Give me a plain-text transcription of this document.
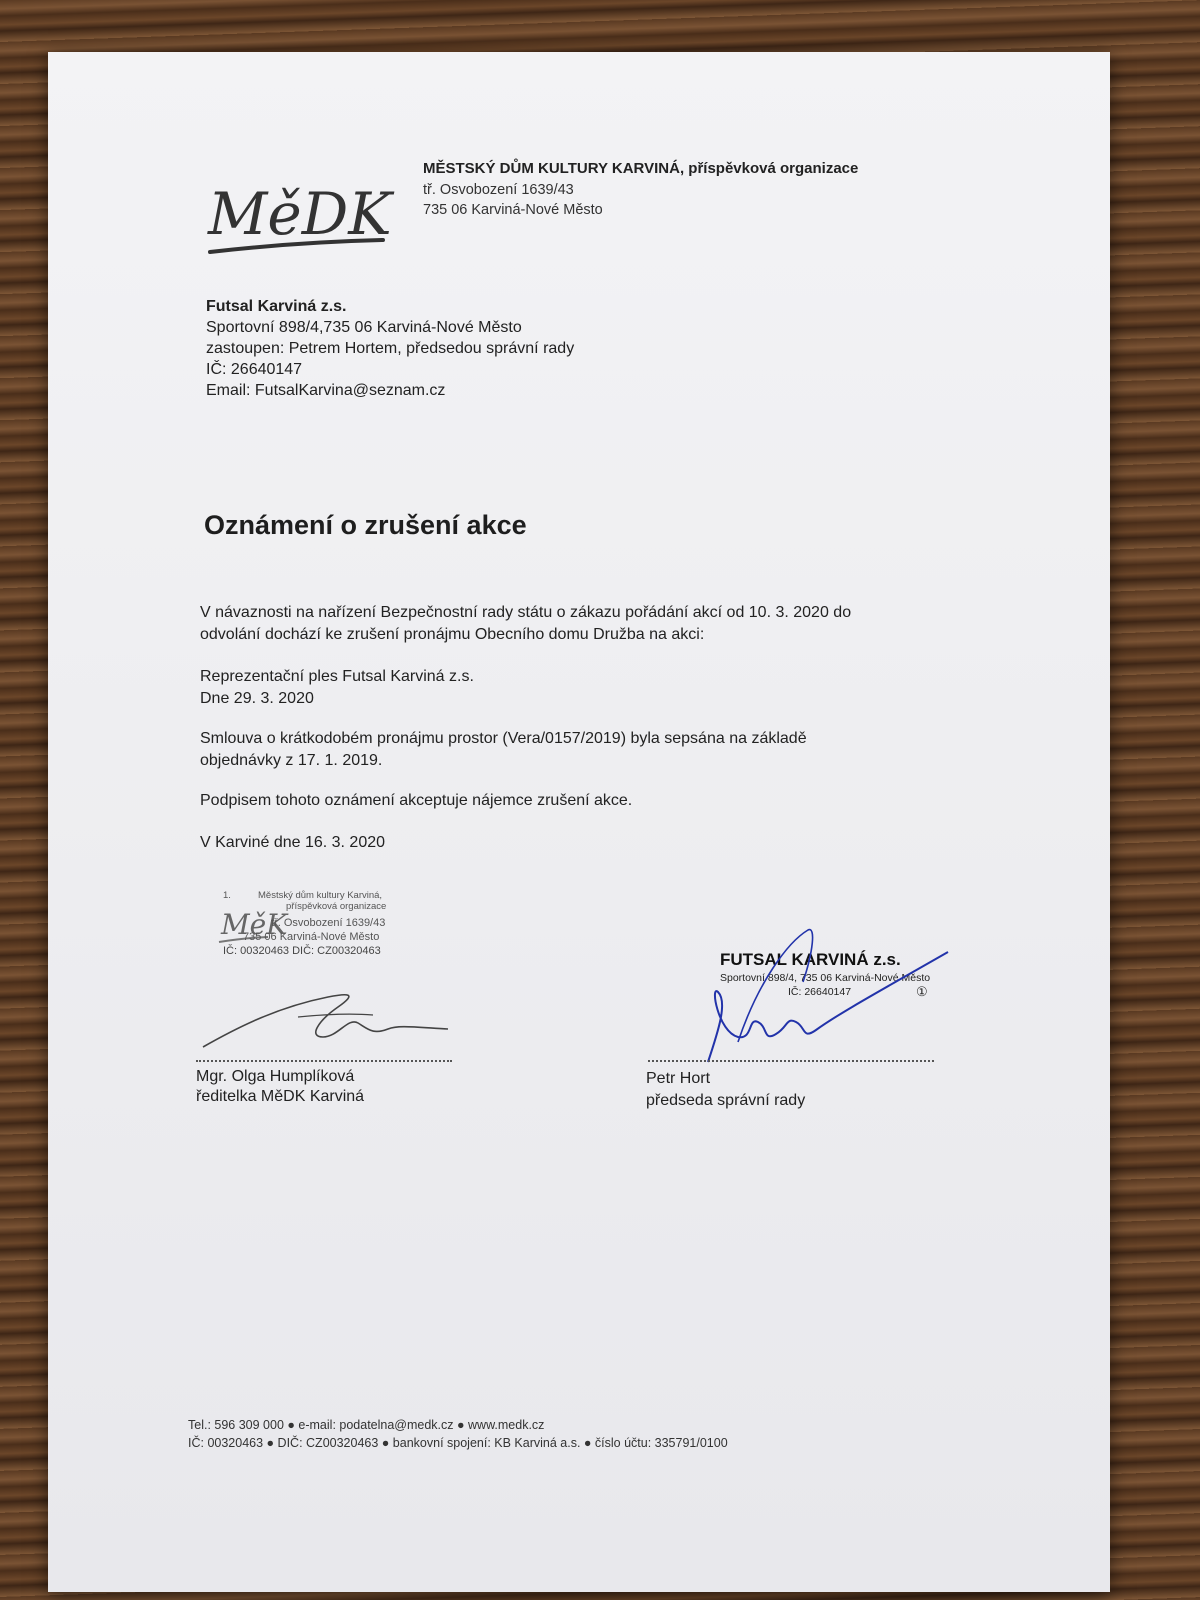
MěDK
MĚSTSKÝ DŮM KULTURY KARVINÁ, příspěvková organizace
tř. Osvobození 1639/43
735 06 Karviná-Nové Město
Futsal Karviná z.s.
Sportovní 898/4,735 06 Karviná-Nové Město
zastoupen: Petrem Hortem, předsedou správní rady
IČ: 26640147
Email: FutsalKarvina@seznam.cz
Oznámení o zrušení akce
V návaznosti na nařízení Bezpečnostní rady státu o zákazu pořádání akcí od 10. 3. 2020 do
odvolání dochází ke zrušení pronájmu Obecního domu Družba na akci:
Reprezentační ples Futsal Karviná z.s.
Dne 29. 3. 2020
Smlouva o krátkodobém pronájmu prostor (Vera/0157/2019) byla sepsána na základě
objednávky z 17. 1. 2019.
Podpisem tohoto oznámení akceptuje nájemce zrušení akce.
V Karviné dne 16. 3. 2020
MěK
1.	Městský dům kultury Karviná,
příspěvková organizace
tř. Osvobození 1639/43
735 06 Karviná-Nové Město
IČ: 00320463 DIČ: CZ00320463	FUTSAL KARVINÁ z.s.
Sportovní 898/4, 735 06 Karviná-Nové Město
IČ: 26640147	①
Mgr. Olga Humplíková
ředitelka MěDK Karviná
Petr Hort
předseda správní rady
Tel.: 596 309 000 ● e-mail: podatelna@medk.cz ● www.medk.cz
IČ: 00320463 ● DIČ: CZ00320463 ● bankovní spojení: KB Karviná a.s. ● číslo účtu: 335791/0100
